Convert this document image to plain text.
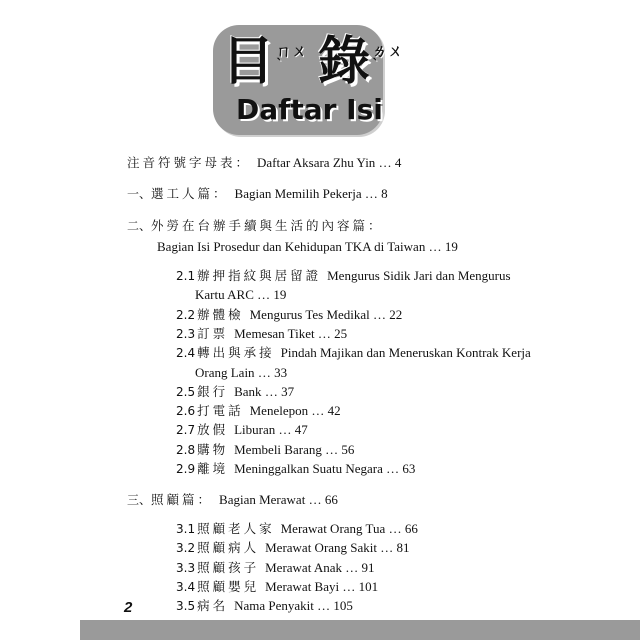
目 ㄇㄨˋ 錄 ㄌㄨˋ
Daftar Isi
注音符號字母表： Daftar Aksara Zhu Yin … 4
一、選工人篇： Bagian Memilih Pekerja … 8
二、外勞在台辦手續與生活的內容篇：
Bagian Isi Prosedur dan Kehidupan TKA di Taiwan … 19
2.1 辦押指紋與居留證 Mengurus Sidik Jari dan Mengurus
Kartu ARC … 19
2.2 辦體檢 Mengurus Tes Medikal … 22
2.3 訂票 Memesan Tiket … 25
2.4 轉出與承接 Pindah Majikan dan Meneruskan Kontrak Kerja
Orang Lain … 33
2.5 銀行 Bank … 37
2.6 打電話 Menelepon … 42
2.7 放假 Liburan … 47
2.8 購物 Membeli Barang … 56
2.9 離境 Meninggalkan Suatu Negara … 63
三、照顧篇： Bagian Merawat … 66
3.1 照顧老人家 Merawat Orang Tua … 66
3.2 照顧病人 Merawat Orang Sakit … 81
3.3 照顧孩子 Merawat Anak … 91
3.4 照顧嬰兒 Merawat Bayi … 101
3.5 病名 Nama Penyakit … 105
2
